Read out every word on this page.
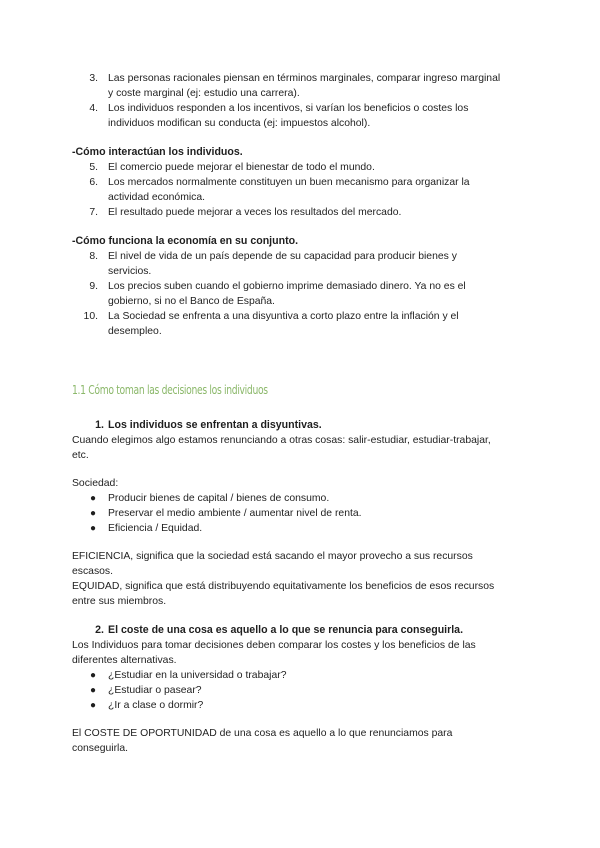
3. Las personas racionales piensan en términos marginales, comparar ingreso marginal
y coste marginal (ej: estudio una carrera).
4. Los individuos responden a los incentivos, si varían los beneficios o costes los
individuos modifican su conducta (ej: impuestos alcohol).
-Cómo interactúan los individuos.
5. El comercio puede mejorar el bienestar de todo el mundo.
6. Los mercados normalmente constituyen un buen mecanismo para organizar la
actividad económica.
7. El resultado puede mejorar a veces los resultados del mercado.
-Cómo funciona la economía en su conjunto.
8. El nivel de vida de un país depende de su capacidad para producir bienes y
servicios.
9. Los precios suben cuando el gobierno imprime demasiado dinero. Ya no es el
gobierno, si no el Banco de España.
10. La Sociedad se enfrenta a una disyuntiva a corto plazo entre la inflación y el
desempleo.
1.1 Cómo toman las decisiones los individuos
1. Los individuos se enfrentan a disyuntivas.
Cuando elegimos algo estamos renunciando a otras cosas: salir-estudiar, estudiar-trabajar,
etc.
Sociedad:
● Producir bienes de capital / bienes de consumo.
● Preservar el medio ambiente / aumentar nivel de renta.
● Eficiencia / Equidad.
EFICIENCIA, significa que la sociedad está sacando el mayor provecho a sus recursos
escasos.
EQUIDAD, significa que está distribuyendo equitativamente los beneficios de esos recursos
entre sus miembros.
2. El coste de una cosa es aquello a lo que se renuncia para conseguirla.
Los Individuos para tomar decisiones deben comparar los costes y los beneficios de las
diferentes alternativas.
● ¿Estudiar en la universidad o trabajar?
● ¿Estudiar o pasear?
● ¿Ir a clase o dormir?
El COSTE DE OPORTUNIDAD de una cosa es aquello a lo que renunciamos para
conseguirla.
